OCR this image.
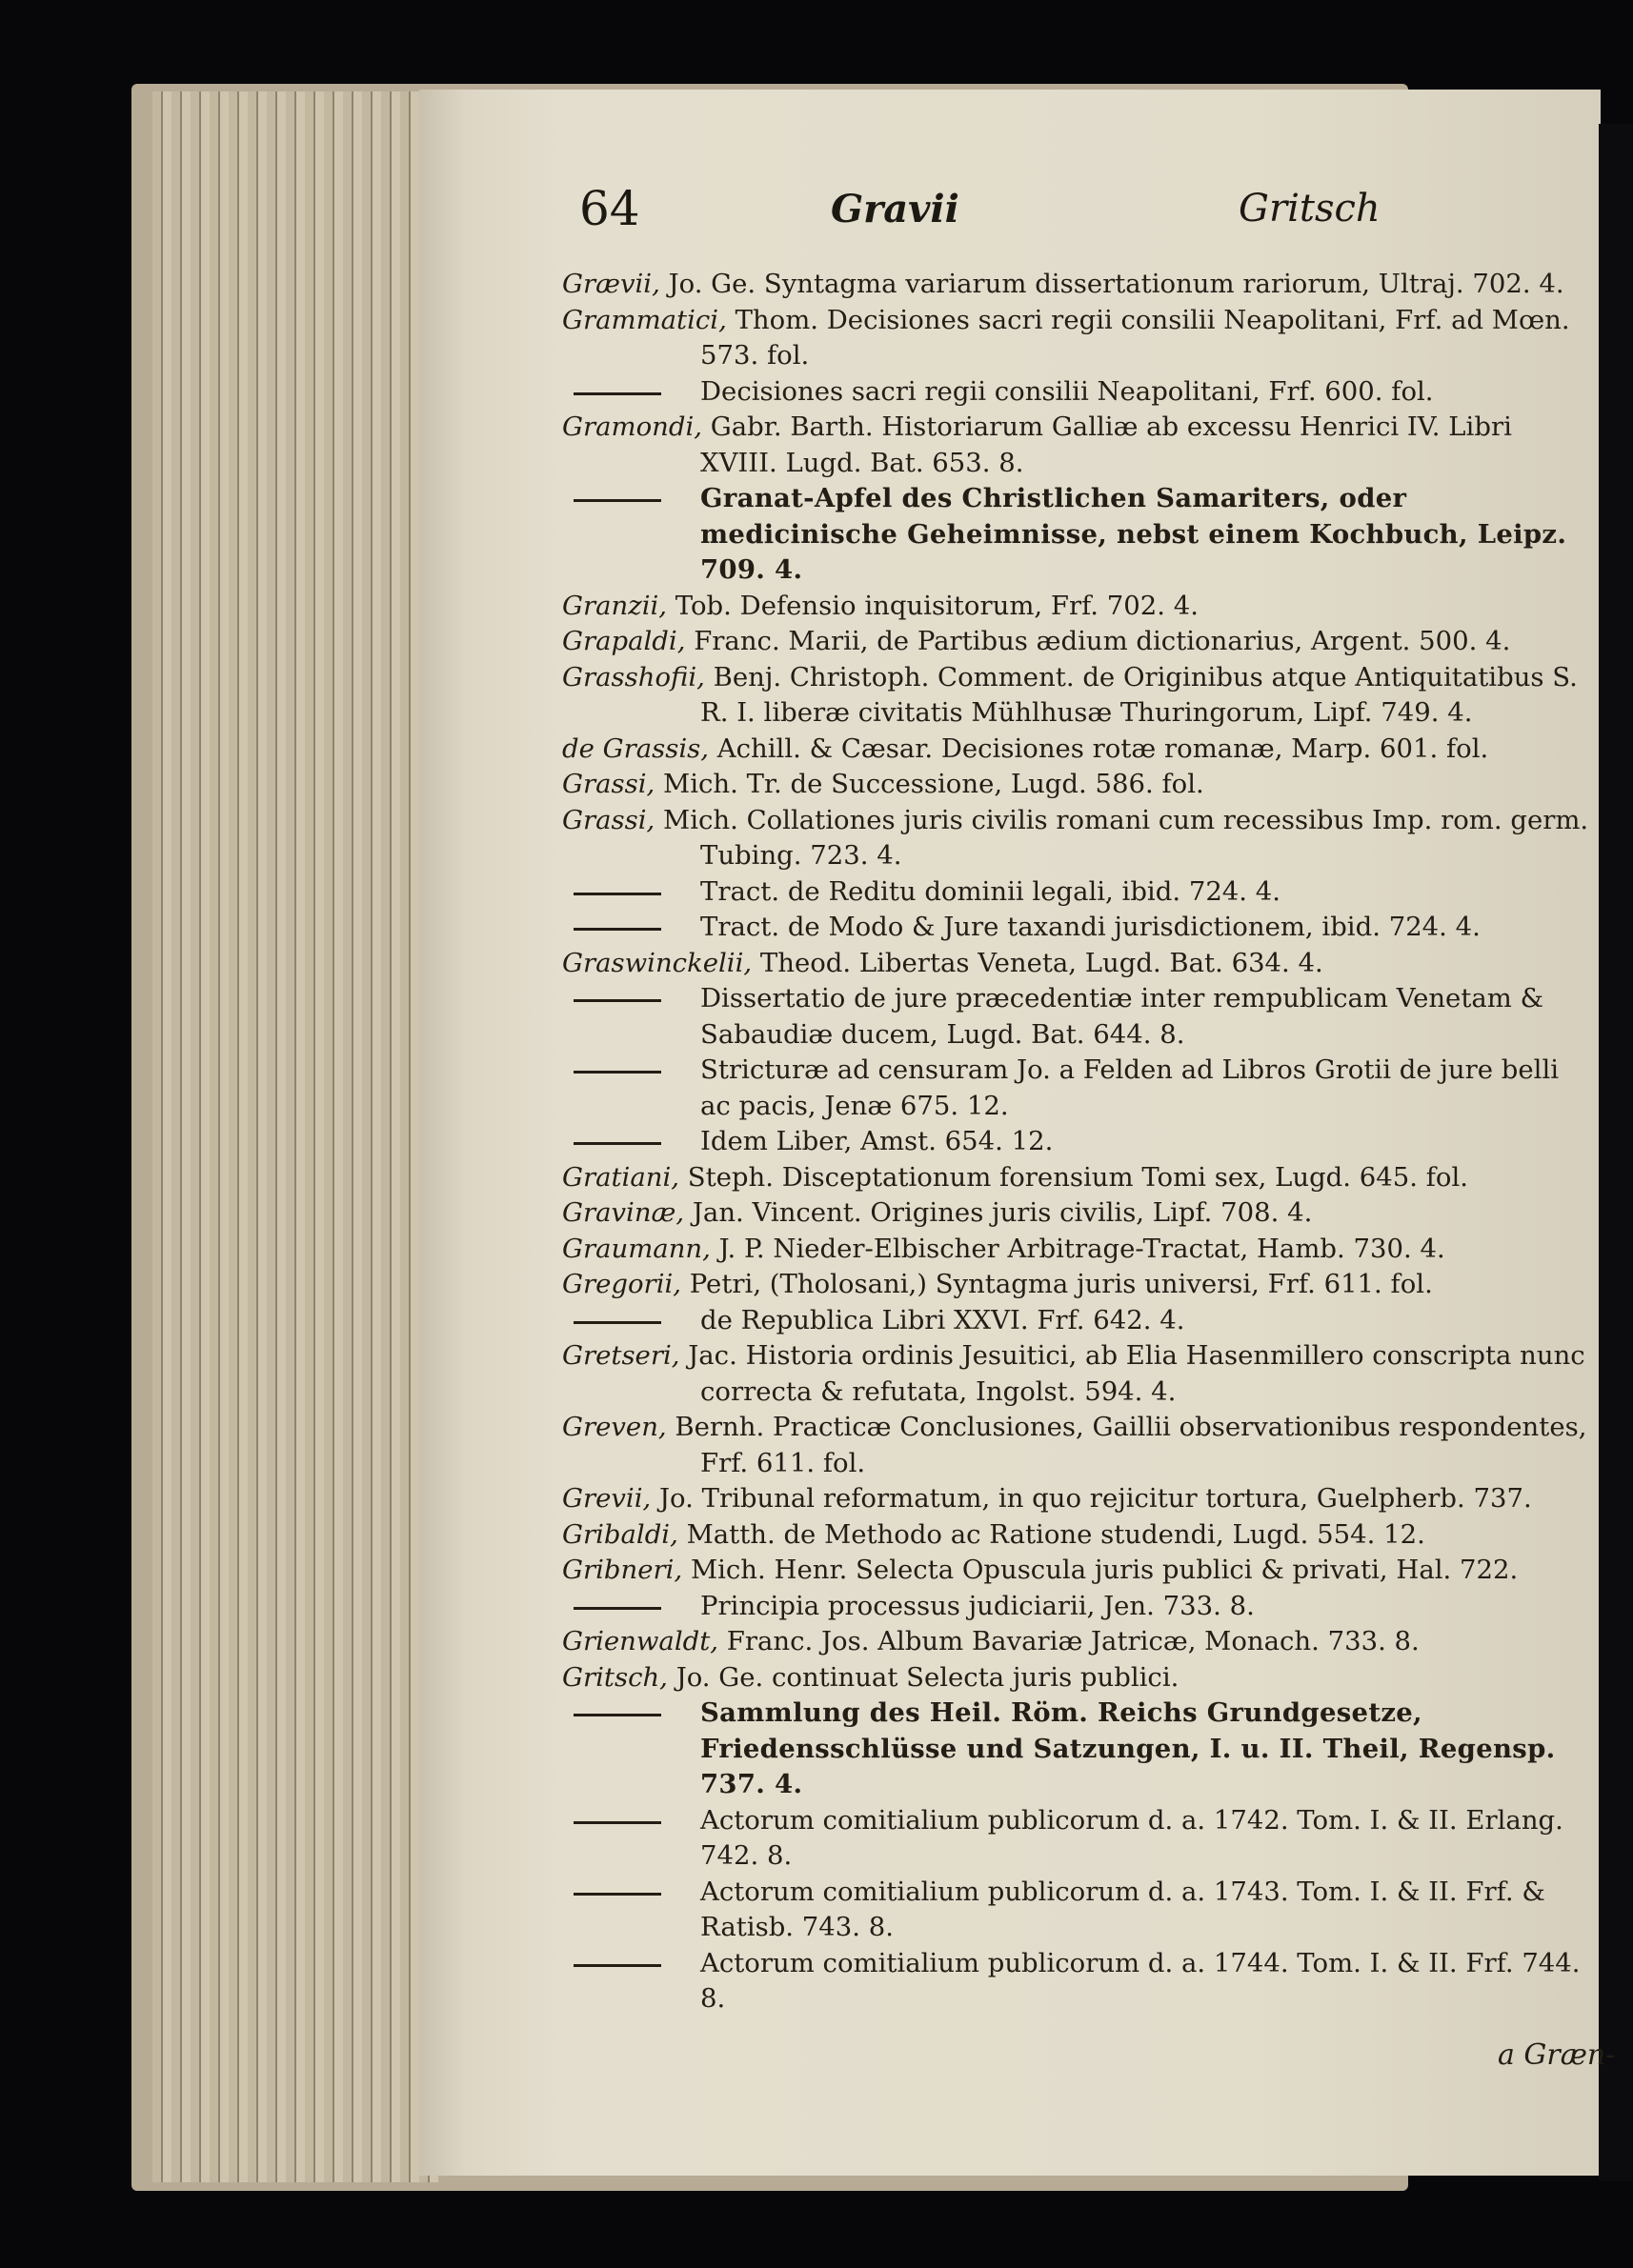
64	Gravii	Gritsch
Grævii, Jo. Ge. Syntagma variarum dissertationum rariorum, Ultraj. 702. 4.
Grammatici, Thom. Decisiones sacri regii consilii Neapolitani, Frf. ad Mœn. 573. fol.
Decisiones sacri regii consilii Neapolitani, Frf. 600. fol.
Gramondi, Gabr. Barth. Historiarum Galliæ ab excessu Henrici IV. Libri XVIII. Lugd. Bat. 653. 8.
Granat-Apfel des Christlichen Samariters, oder medicinische Geheimnisse, nebst einem Kochbuch, Leipz. 709. 4.
Granzii, Tob. Defensio inquisitorum, Frf. 702. 4.
Grapaldi, Franc. Marii, de Partibus ædium dictionarius, Argent. 500. 4.
Grasshofii, Benj. Christoph. Comment. de Originibus atque Antiquitatibus S. R. I. liberæ civitatis Mühlhusæ Thuringorum, Lipf. 749. 4.
de Grassis, Achill. & Cæsar. Decisiones rotæ romanæ, Marp. 601. fol.
Grassi, Mich. Tr. de Successione, Lugd. 586. fol.
Grassi, Mich. Collationes juris civilis romani cum recessibus Imp. rom. germ. Tubing. 723. 4.
Tract. de Reditu dominii legali, ibid. 724. 4.
Tract. de Modo & Jure taxandi jurisdictionem, ibid. 724. 4.
Graswinckelii, Theod. Libertas Veneta, Lugd. Bat. 634. 4.
Dissertatio de jure præcedentiæ inter rempublicam Venetam & Sabaudiæ ducem, Lugd. Bat. 644. 8.
Stricturæ ad censuram Jo. a Felden ad Libros Grotii de jure belli ac pacis, Jenæ 675. 12.
Idem Liber, Amst. 654. 12.
Gratiani, Steph. Disceptationum forensium Tomi sex, Lugd. 645. fol.
Gravinæ, Jan. Vincent. Origines juris civilis, Lipf. 708. 4.
Graumann, J. P. Nieder-Elbischer Arbitrage-Tractat, Hamb. 730. 4.
Gregorii, Petri, (Tholosani,) Syntagma juris universi, Frf. 611. fol.
de Republica Libri XXVI. Frf. 642. 4.
Gretseri, Jac. Historia ordinis Jesuitici, ab Elia Hasenmillero conscripta nunc correcta & refutata, Ingolst. 594. 4.
Greven, Bernh. Practicæ Conclusiones, Gaillii observationibus respondentes, Frf. 611. fol.
Grevii, Jo. Tribunal reformatum, in quo rejicitur tortura, Guelpherb. 737.
Gribaldi, Matth. de Methodo ac Ratione studendi, Lugd. 554. 12.
Gribneri, Mich. Henr. Selecta Opuscula juris publici & privati, Hal. 722.
Principia processus judiciarii, Jen. 733. 8.
Grienwaldt, Franc. Jos. Album Bavariæ Jatricæ, Monach. 733. 8.
Gritsch, Jo. Ge. continuat Selecta juris publici.
Sammlung des Heil. Röm. Reichs Grundgesetze, Friedensschlüsse und Satzungen, I. u. II. Theil, Regensp. 737. 4.
Actorum comitialium publicorum d. a. 1742. Tom. I. & II. Erlang. 742. 8.
Actorum comitialium publicorum d. a. 1743. Tom. I. & II. Frf. & Ratisb. 743. 8.
Actorum comitialium publicorum d. a. 1744. Tom. I. & II. Frf. 744. 8.
a Græn-
